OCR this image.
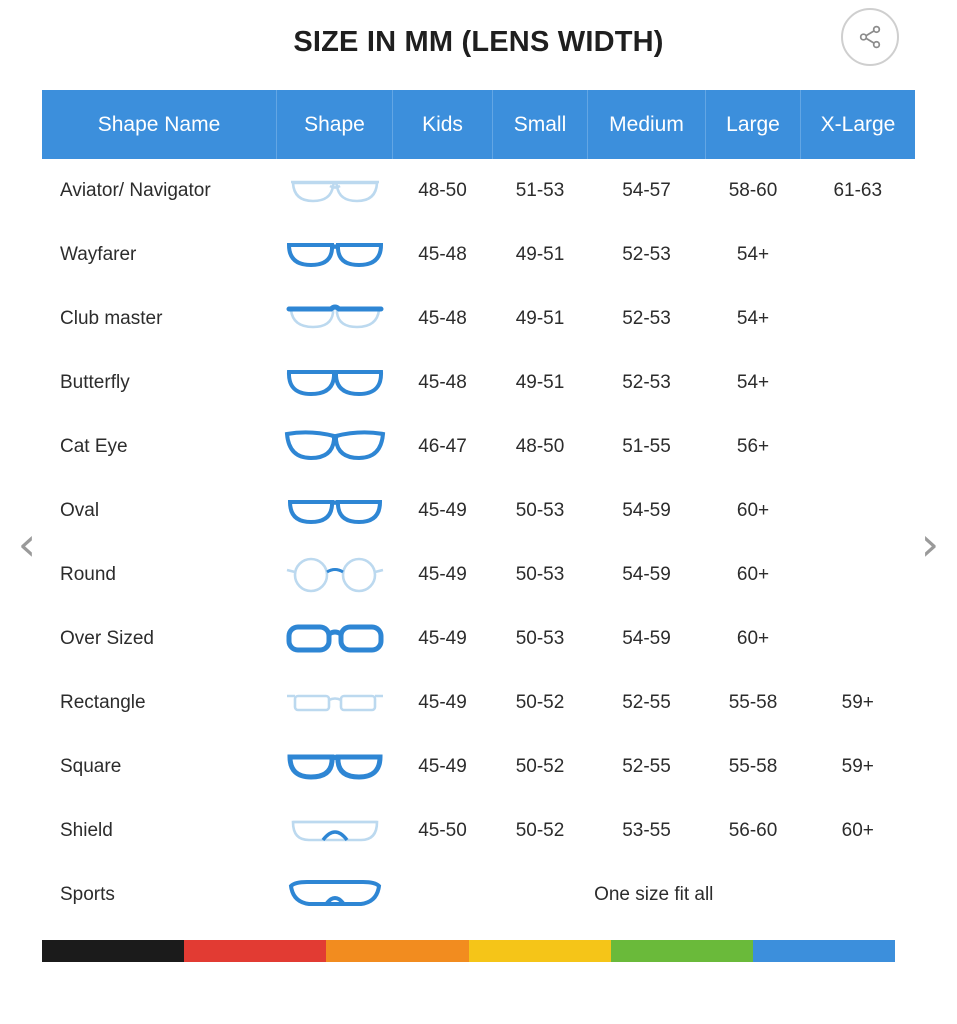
SIZE IN MM (LENS WIDTH)
‹	›
Shape Name	Shape	Kids	Small	Medium	Large	X-Large
Aviator/ Navigator		48-50	51-53	54-57	58-60	61-63
Wayfarer		45-48	49-51	52-53	54+	
Club master		45-48	49-51	52-53	54+	
Butterfly		45-48	49-51	52-53	54+	
Cat Eye		46-47	48-50	51-55	56+	
Oval		45-49	50-53	54-59	60+	
Round		45-49	50-53	54-59	60+	
Over Sized		45-49	50-53	54-59	60+	
Rectangle		45-49	50-52	52-55	55-58	59+
Square		45-49	50-52	52-55	55-58	59+
Shield		45-50	50-52	53-55	56-60	60+
Sports		One size fit all				
